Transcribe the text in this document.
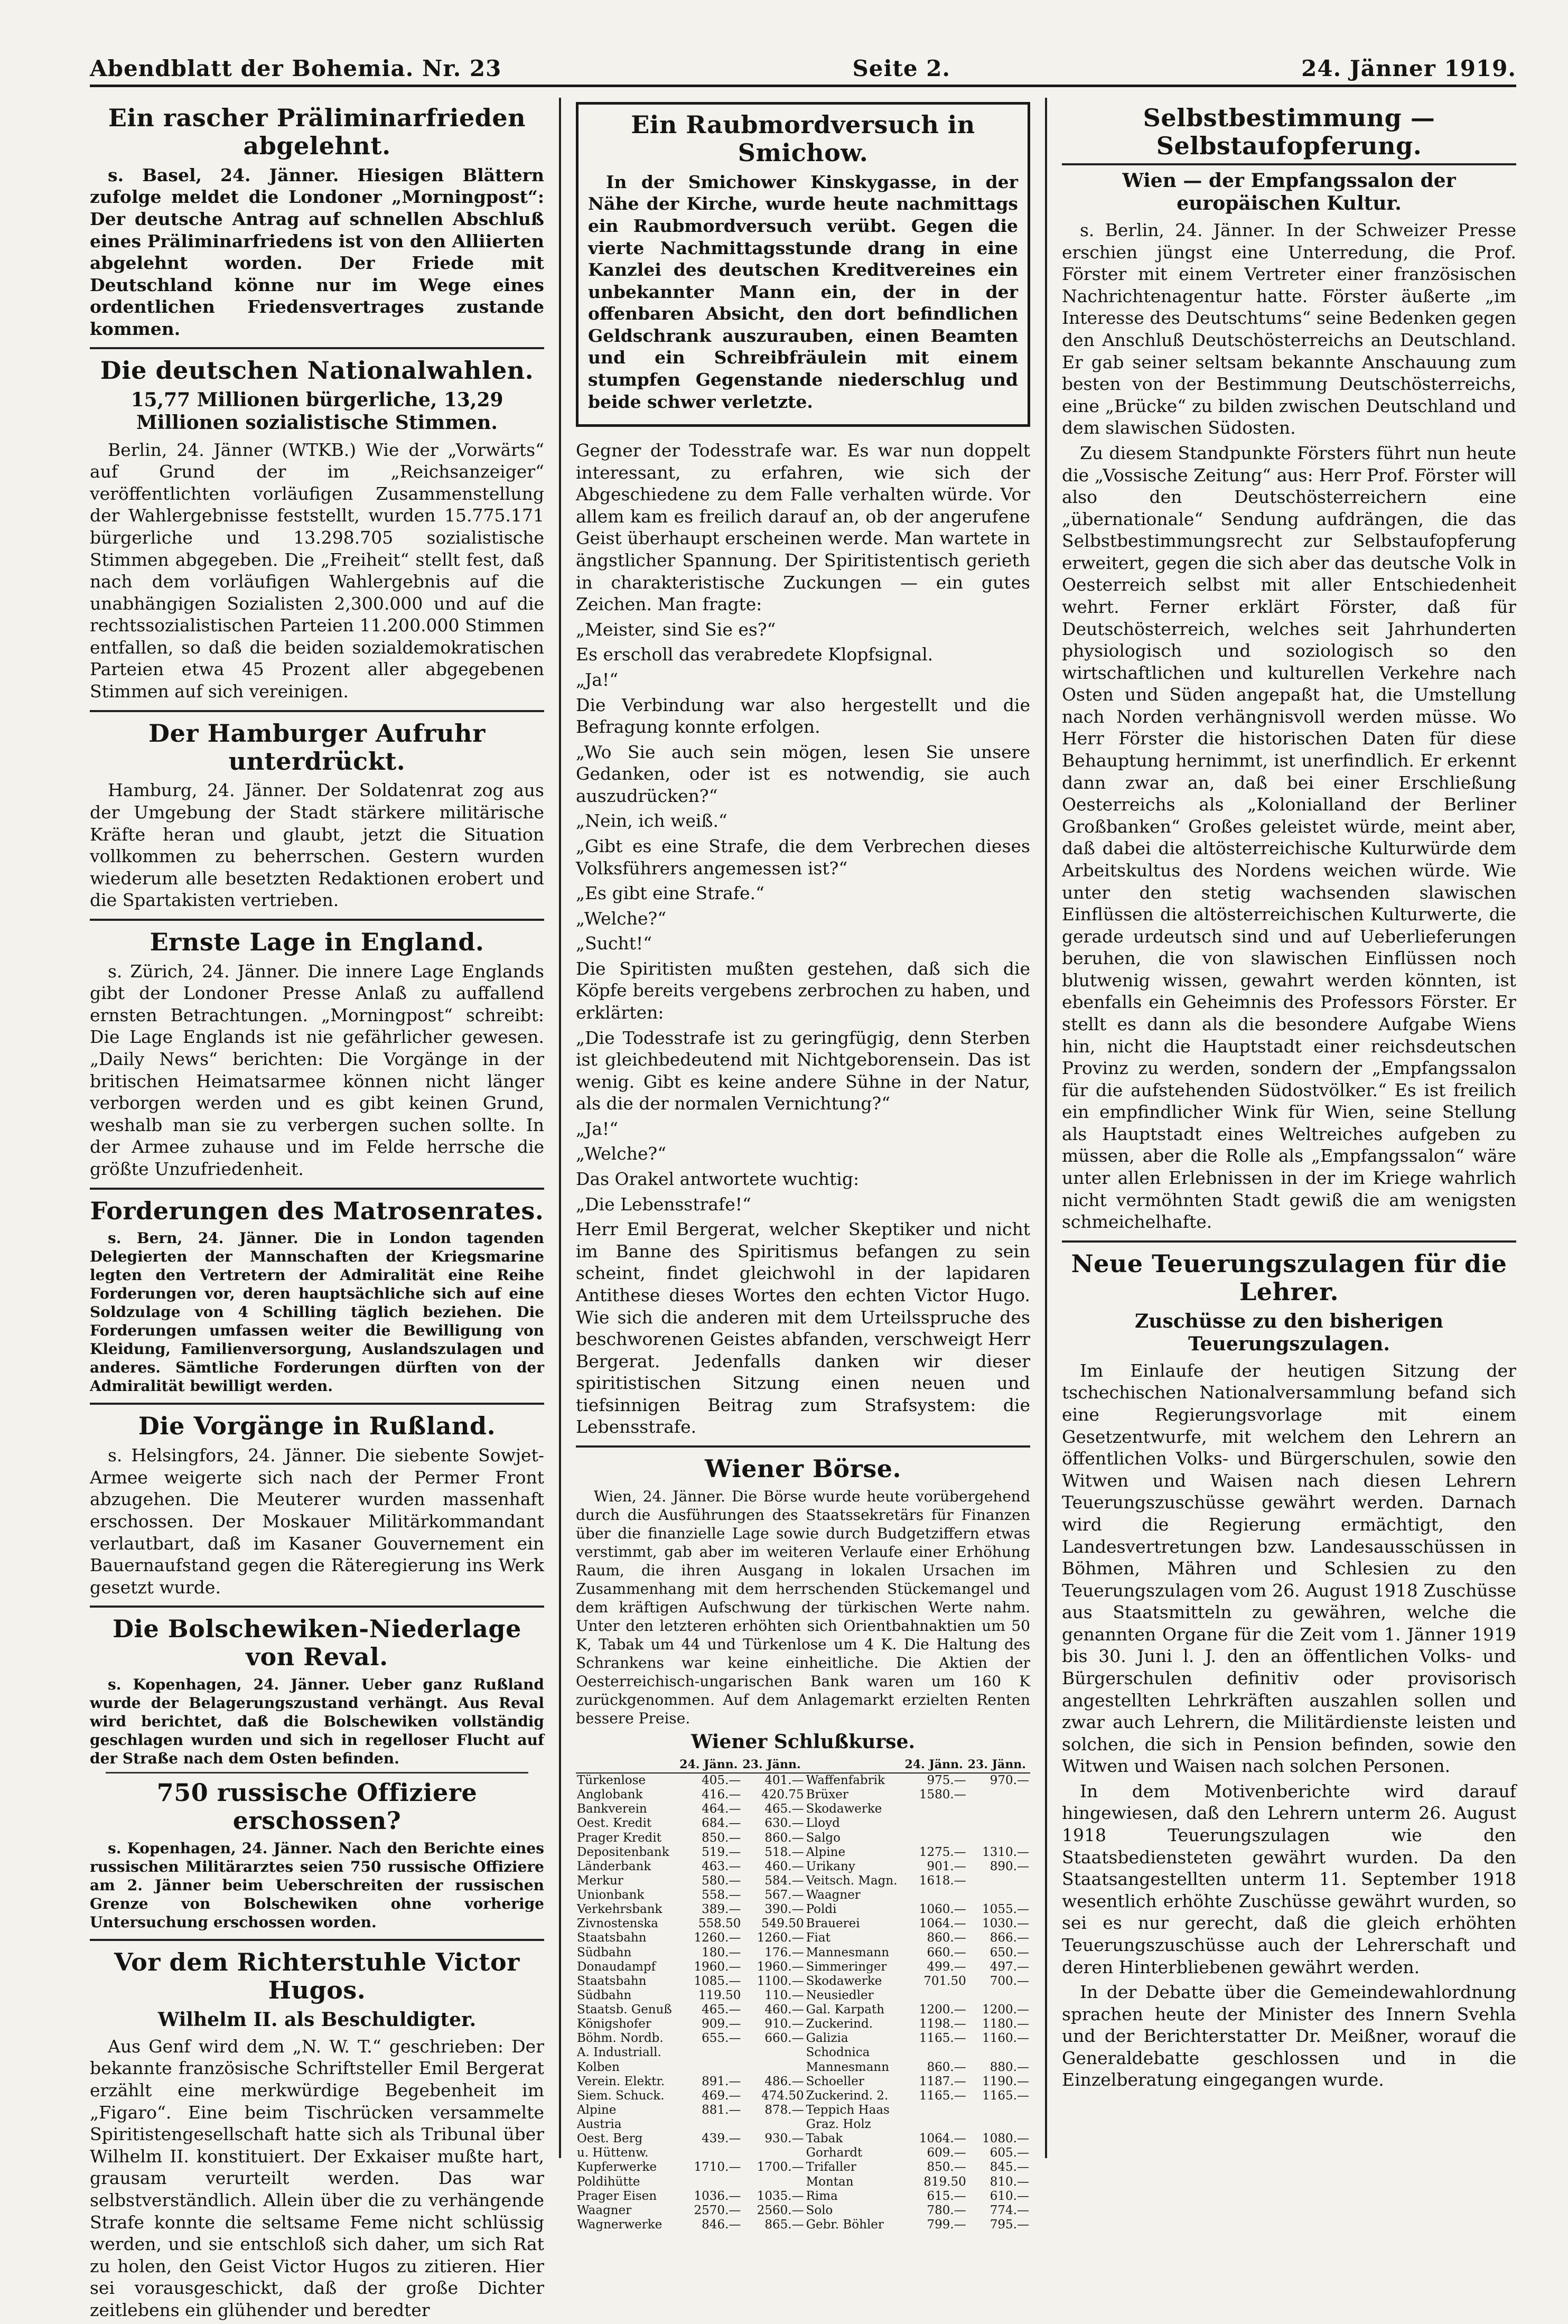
Abendblatt der Bohemia. Nr. 23	Seite 2.	24. Jänner 1919.
Ein rascher Präliminarfrieden abgelehnt.

s. Basel, 24. Jänner. Hiesigen Blättern zufolge meldet die Londoner „Morningpost“: Der deutsche Antrag auf schnellen Abschluß eines Präliminarfriedens ist von den Alliierten abgelehnt worden. Der Friede mit Deutschland könne nur im Wege eines ordentlichen Friedensvertrages zustande kommen.

Die deutschen Nationalwahlen.
15,77 Millionen bürgerliche, 13,29 Millionen sozialistische Stimmen.

Berlin, 24. Jänner (WTKB.) Wie der „Vorwärts“ auf Grund der im „Reichsanzeiger“ veröffentlichten vorläufigen Zusammenstellung der Wahlergebnisse feststellt, wurden 15.775.171 bürgerliche und 13.298.705 sozialistische Stimmen abgegeben. Die „Freiheit“ stellt fest, daß nach dem vorläufigen Wahlergebnis auf die unabhängigen Sozialisten 2,300.000 und auf die rechtssozialistischen Parteien 11.200.000 Stimmen entfallen, so daß die beiden sozialdemokratischen Parteien etwa 45 Prozent aller abgegebenen Stimmen auf sich vereinigen.

Der Hamburger Aufruhr unterdrückt.

Hamburg, 24. Jänner. Der Soldatenrat zog aus der Umgebung der Stadt stärkere militärische Kräfte heran und glaubt, jetzt die Situation vollkommen zu beherrschen. Gestern wurden wiederum alle besetzten Redaktionen erobert und die Spartakisten vertrieben.

Ernste Lage in England.

s. Zürich, 24. Jänner. Die innere Lage Englands gibt der Londoner Presse Anlaß zu auffallend ernsten Betrachtungen. „Morningpost“ schreibt: Die Lage Englands ist nie gefährlicher gewesen. „Daily News“ berichten: Die Vorgänge in der britischen Heimatsarmee können nicht länger verborgen werden und es gibt keinen Grund, weshalb man sie zu verbergen suchen sollte. In der Armee zuhause und im Felde herrsche die größte Unzufriedenheit.

Forderungen des Matrosenrates.

s. Bern, 24. Jänner. Die in London tagenden Delegierten der Mannschaften der Kriegsmarine legten den Vertretern der Admiralität eine Reihe Forderungen vor, deren hauptsächliche sich auf eine Soldzulage von 4 Schilling täglich beziehen. Die Forderungen umfassen weiter die Bewilligung von Kleidung, Familienversorgung, Auslandszulagen und anderes. Sämtliche Forderungen dürften von der Admiralität bewilligt werden.

Die Vorgänge in Rußland.

s. Helsingfors, 24. Jänner. Die siebente Sowjet-Armee weigerte sich nach der Permer Front abzugehen. Die Meuterer wurden massenhaft erschossen. Der Moskauer Militärkommandant verlautbart, daß im Kasaner Gouvernement ein Bauernaufstand gegen die Räteregierung ins Werk gesetzt wurde.

Die Bolschewiken-Niederlage von Reval.

s. Kopenhagen, 24. Jänner. Ueber ganz Rußland wurde der Belagerungszustand verhängt. Aus Reval wird berichtet, daß die Bolschewiken vollständig geschlagen wurden und sich in regelloser Flucht auf der Straße nach dem Osten befinden.

750 russische Offiziere erschossen?

s. Kopenhagen, 24. Jänner. Nach den Berichte eines russischen Militärarztes seien 750 russische Offiziere am 2. Jänner beim Ueberschreiten der russischen Grenze von Bolschewiken ohne vorherige Untersuchung erschossen worden.

Vor dem Richterstuhle Victor Hugos.
Wilhelm II. als Beschuldigter.

Aus Genf wird dem „N. W. T.“ geschrieben: Der bekannte französische Schriftsteller Emil Bergerat erzählt eine merkwürdige Begebenheit im „Figaro“. Eine beim Tischrücken versammelte Spiritistengesellschaft hatte sich als Tribunal über Wilhelm II. konstituiert. Der Exkaiser mußte hart, grausam verurteilt werden. Das war selbstverständlich. Allein über die zu verhängende Strafe konnte die seltsame Feme nicht schlüssig werden, und sie entschloß sich daher, um sich Rat zu holen, den Geist Victor Hugos zu zitieren. Hier sei vorausgeschickt, daß der große Dichter zeitlebens ein glühender und beredter

Ein Raubmordversuch in Smichow.

In der Smichower Kinskygasse, in der Nähe der Kirche, wurde heute nachmittags ein Raubmordversuch verübt. Gegen die vierte Nachmittagsstunde drang in eine Kanzlei des deutschen Kreditvereines ein unbekannter Mann ein, der in der offenbaren Absicht, den dort befindlichen Geldschrank auszurauben, einen Beamten und ein Schreibfräulein mit einem stumpfen Gegenstande niederschlug und beide schwer verletzte.

Gegner der Todesstrafe war. Es war nun doppelt interessant, zu erfahren, wie sich der Abgeschiedene zu dem Falle verhalten würde. Vor allem kam es freilich darauf an, ob der angerufene Geist überhaupt erscheinen werde. Man wartete in ängstlicher Spannung. Der Spiritistentisch gerieth in charakteristische Zuckungen — ein gutes Zeichen. Man fragte:

„Meister, sind Sie es?“

Es erscholl das verabredete Klopfsignal.

„Ja!“

Die Verbindung war also hergestellt und die Befragung konnte erfolgen.

„Wo Sie auch sein mögen, lesen Sie unsere Gedanken, oder ist es notwendig, sie auch auszudrücken?“

„Nein, ich weiß.“

„Gibt es eine Strafe, die dem Verbrechen dieses Volksführers angemessen ist?“

„Es gibt eine Strafe.“

„Welche?“

„Sucht!“

Die Spiritisten mußten gestehen, daß sich die Köpfe bereits vergebens zerbrochen zu haben, und erklärten:

„Die Todesstrafe ist zu geringfügig, denn Sterben ist gleichbedeutend mit Nichtgeborensein. Das ist wenig. Gibt es keine andere Sühne in der Natur, als die der normalen Vernichtung?“

„Ja!“

„Welche?“

Das Orakel antwortete wuchtig:

„Die Lebensstrafe!“

Herr Emil Bergerat, welcher Skeptiker und nicht im Banne des Spiritismus befangen zu sein scheint, findet gleichwohl in der lapidaren Antithese dieses Wortes den echten Victor Hugo. Wie sich die anderen mit dem Urteilsspruche des beschworenen Geistes abfanden, verschweigt Herr Bergerat. Jedenfalls danken wir dieser spiritistischen Sitzung einen neuen und tiefsinnigen Beitrag zum Strafsystem: die Lebensstrafe.

Wiener Börse.

Wien, 24. Jänner. Die Börse wurde heute vorübergehend durch die Ausführungen des Staatssekretärs für Finanzen über die finanzielle Lage sowie durch Budgetziffern etwas verstimmt, gab aber im weiteren Verlaufe einer Erhöhung Raum, die ihren Ausgang in lokalen Ursachen im Zusammenhang mit dem herrschenden Stückemangel und dem kräftigen Aufschwung der türkischen Werte nahm. Unter den letzteren erhöhten sich Orientbahnaktien um 50 K, Tabak um 44 und Türkenlose um 4 K. Die Haltung des Schrankens war keine einheitliche. Die Aktien der Oesterreichisch-ungarischen Bank waren um 160 K zurückgenommen. Auf dem Anlagemarkt erzielten Renten bessere Preise.

Wiener Schlußkurse.
	24. Jänn.	23. Jänn.		24. Jänn.	23. Jänn.
Türkenlose	405.—	401.—	Waffenfabrik	975.—	970.—
Anglobank	416.—	420.75	Brüxer	1580.—	
Bankverein	464.—	465.—	Skodawerke		
Oest. Kredit	684.—	630.—	Lloyd		
Prager Kredit	850.—	860.—	Salgo		
Depositenbank	519.—	518.—	Alpine	1275.—	1310.—
Länderbank	463.—	460.—	Urikany	901.—	890.—
Merkur	580.—	584.—	Veitsch. Magn.	1618.—	
Unionbank	558.—	567.—	Waagner		
Verkehrsbank	389.—	390.—	Poldi	1060.—	1055.—
Zivnostenska	558.50	549.50	Brauerei	1064.—	1030.—
Staatsbahn	1260.—	1260.—	Fiat	860.—	866.—
Südbahn	180.—	176.—	Mannesmann	660.—	650.—
Donaudampf	1960.—	1960.—	Simmeringer	499.—	497.—
Staatsbahn	1085.—	1100.—	Skodawerke	701.50	700.—
Südbahn	119.50	110.—	Neusiedler		
Staatsb. Genuß	465.—	460.—	Gal. Karpath	1200.—	1200.—
Königshofer	909.—	910.—	Zuckerind.	1198.—	1180.—
Böhm. Nordb.	655.—	660.—	Galizia	1165.—	1160.—
A. Industriall.			Schodnica		
Kolben			Mannesmann	860.—	880.—
Verein. Elektr.	891.—	486.—	Schoeller	1187.—	1190.—
Siem. Schuck.	469.—	474.50	Zuckerind. 2.	1165.—	1165.—
Alpine	881.—	878.—	Teppich Haas		
Austria			Graz. Holz		
Oest. Berg	439.—	930.—	Tabak	1064.—	1080.—
u. Hüttenw.			Gorhardt	609.—	605.—
Kupferwerke	1710.—	1700.—	Trifaller	850.—	845.—
Poldihütte			Montan	819.50	810.—
Prager Eisen	1036.—	1035.—	Rima	615.—	610.—
Waagner	2570.—	2560.—	Solo	780.—	774.—
Wagnerwerke	846.—	865.—	Gebr. Böhler	799.—	795.—
Selbstbestimmung — Selbstaufopferung.
Wien — der Empfangssalon der europäischen Kultur.

s. Berlin, 24. Jänner. In der Schweizer Presse erschien jüngst eine Unterredung, die Prof. Förster mit einem Vertreter einer französischen Nachrichtenagentur hatte. Förster äußerte „im Interesse des Deutschtums“ seine Bedenken gegen den Anschluß Deutschösterreichs an Deutschland. Er gab seiner seltsam bekannte Anschauung zum besten von der Bestimmung Deutschösterreichs, eine „Brücke“ zu bilden zwischen Deutschland und dem slawischen Südosten.

Zu diesem Standpunkte Försters führt nun heute die „Vossische Zeitung“ aus: Herr Prof. Förster will also den Deutschösterreichern eine „übernationale“ Sendung aufdrängen, die das Selbstbestimmungsrecht zur Selbstaufopferung erweitert, gegen die sich aber das deutsche Volk in Oesterreich selbst mit aller Entschiedenheit wehrt. Ferner erklärt Förster, daß für Deutschösterreich, welches seit Jahrhunderten physiologisch und soziologisch so den wirtschaftlichen und kulturellen Verkehre nach Osten und Süden angepaßt hat, die Umstellung nach Norden verhängnisvoll werden müsse. Wo Herr Förster die historischen Daten für diese Behauptung hernimmt, ist unerfindlich. Er erkennt dann zwar an, daß bei einer Erschließung Oesterreichs als „Kolonialland der Berliner Großbanken“ Großes geleistet würde, meint aber, daß dabei die altösterreichische Kulturwürde dem Arbeitskultus des Nordens weichen würde. Wie unter den stetig wachsenden slawischen Einflüssen die altösterreichischen Kulturwerte, die gerade urdeutsch sind und auf Ueberlieferungen beruhen, die von slawischen Einflüssen noch blutwenig wissen, gewahrt werden könnten, ist ebenfalls ein Geheimnis des Professors Förster. Er stellt es dann als die besondere Aufgabe Wiens hin, nicht die Hauptstadt einer reichsdeutschen Provinz zu werden, sondern der „Empfangssalon für die aufstehenden Südostvölker.“ Es ist freilich ein empfindlicher Wink für Wien, seine Stellung als Hauptstadt eines Weltreiches aufgeben zu müssen, aber die Rolle als „Empfangssalon“ wäre unter allen Erlebnissen in der im Kriege wahrlich nicht vermöhnten Stadt gewiß die am wenigsten schmeichelhafte.

Neue Teuerungszulagen für die Lehrer.
Zuschüsse zu den bisherigen Teuerungszulagen.

Im Einlaufe der heutigen Sitzung der tschechischen Nationalversammlung befand sich eine Regierungsvorlage mit einem Gesetzentwurfe, mit welchem den Lehrern an öffentlichen Volks- und Bürgerschulen, sowie den Witwen und Waisen nach diesen Lehrern Teuerungszuschüsse gewährt werden. Darnach wird die Regierung ermächtigt, den Landesvertretungen bzw. Landesausschüssen in Böhmen, Mähren und Schlesien zu den Teuerungszulagen vom 26. August 1918 Zuschüsse aus Staatsmitteln zu gewähren, welche die genannten Organe für die Zeit vom 1. Jänner 1919 bis 30. Juni l. J. den an öffentlichen Volks- und Bürgerschulen definitiv oder provisorisch angestellten Lehrkräften auszahlen sollen und zwar auch Lehrern, die Militärdienste leisten und solchen, die sich in Pension befinden, sowie den Witwen und Waisen nach solchen Personen.

In dem Motivenberichte wird darauf hingewiesen, daß den Lehrern unterm 26. August 1918 Teuerungszulagen wie den Staatsbediensteten gewährt wurden. Da den Staatsangestellten unterm 11. September 1918 wesentlich erhöhte Zuschüsse gewährt wurden, so sei es nur gerecht, daß die gleich erhöhten Teuerungszuschüsse auch der Lehrerschaft und deren Hinterbliebenen gewährt werden.

In der Debatte über die Gemeindewahlordnung sprachen heute der Minister des Innern Svehla und der Berichterstatter Dr. Meißner, worauf die Generaldebatte geschlossen und in die Einzelberatung eingegangen wurde.
